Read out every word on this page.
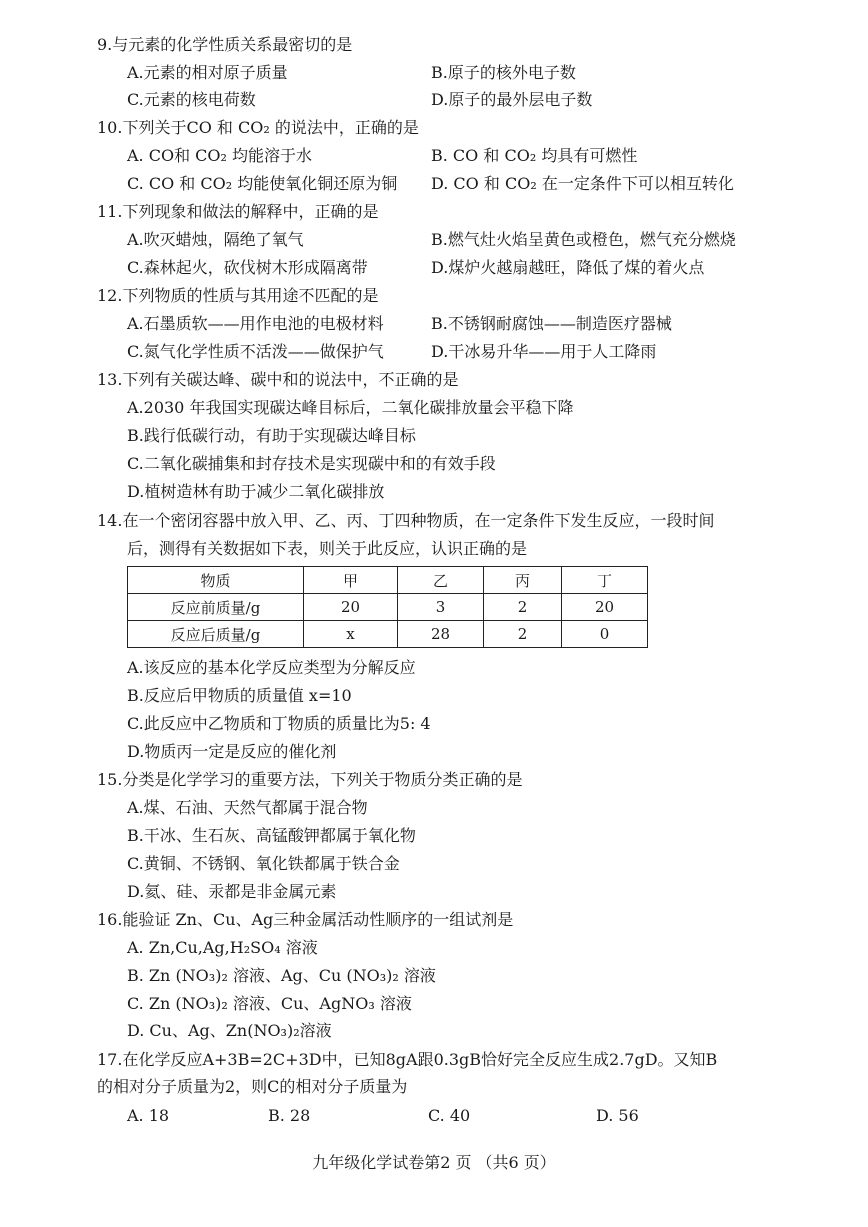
9.与元素的化学性质关系最密切的是
A.元素的相对原子质量	B.原子的核外电子数
C.元素的核电荷数	D.原子的最外层电子数
10.下列关于CO 和 CO₂ 的说法中，正确的是
A. CO和 CO₂ 均能溶于水	B. CO 和 CO₂ 均具有可燃性
C. CO 和 CO₂ 均能使氧化铜还原为铜 D. CO 和 CO₂ 在一定条件下可以相互转化
11.下列现象和做法的解释中，正确的是
A.吹灭蜡烛，隔绝了氧气	B.燃气灶火焰呈黄色或橙色，燃气充分燃烧
C.森林起火，砍伐树木形成隔离带	D.煤炉火越扇越旺，降低了煤的着火点
12.下列物质的性质与其用途不匹配的是
A.石墨质软——用作电池的电极材料	B.不锈钢耐腐蚀——制造医疗器械
C.氮气化学性质不活泼——做保护气	D.干冰易升华——用于人工降雨
13.下列有关碳达峰、碳中和的说法中，不正确的是
A.2030 年我国实现碳达峰目标后，二氧化碳排放量会平稳下降
B.践行低碳行动，有助于实现碳达峰目标
C.二氧化碳捕集和封存技术是实现碳中和的有效手段
D.植树造林有助于减少二氧化碳排放
14.在一个密闭容器中放入甲、乙、丙、丁四种物质，在一定条件下发生反应，一段时间
后，测得有关数据如下表，则关于此反应，认识正确的是
物质	甲	乙	丙	丁
反应前质量/g	20	3	2	20
反应后质量/g	x	28	2	0
A.该反应的基本化学反应类型为分解反应
B.反应后甲物质的质量值 x=10
C.此反应中乙物质和丁物质的质量比为5: 4
D.物质丙一定是反应的催化剂
15.分类是化学学习的重要方法，下列关于物质分类正确的是
A.煤、石油、天然气都属于混合物
B.干冰、生石灰、高锰酸钾都属于氧化物
C.黄铜、不锈钢、氧化铁都属于铁合金
D.氦、硅、汞都是非金属元素
16.能验证 Zn、Cu、Ag三种金属活动性顺序的一组试剂是
A. Zn,Cu,Ag,H₂SO₄ 溶液
B. Zn (NO₃)₂ 溶液、Ag、Cu (NO₃)₂ 溶液
C. Zn (NO₃)₂ 溶液、Cu、AgNO₃ 溶液
D. Cu、Ag、Zn(NO₃)₂溶液
17.在化学反应A+3B=2C+3D中，已知8gA跟0.3gB恰好完全反应生成2.7gD。又知B
的相对分子质量为2，则C的相对分子质量为
A. 18	B. 28	C. 40	D. 56
九年级化学试卷第2 页 （共6 页）
